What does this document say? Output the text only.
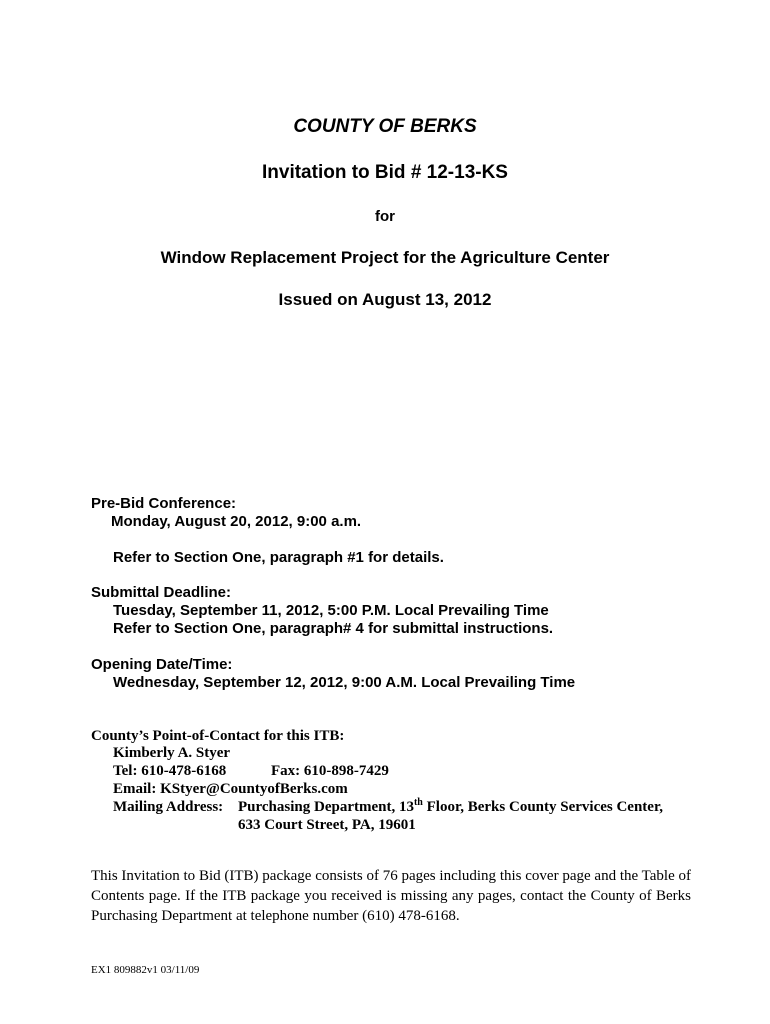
COUNTY OF BERKS
Invitation to Bid # 12-13-KS
for
Window Replacement Project for the Agriculture Center
Issued on August 13, 2012
Pre-Bid Conference:
Monday, August 20, 2012, 9:00 a.m.
Refer to Section One, paragraph #1 for details.
Submittal Deadline:
Tuesday, September 11, 2012, 5:00 P.M. Local Prevailing Time
Refer to Section One, paragraph# 4 for submittal instructions.
Opening Date/Time:
Wednesday, September 12, 2012, 9:00 A.M. Local Prevailing Time
County’s Point-of-Contact for this ITB:
Kimberly A. Styer
Tel: 610-478-6168	Fax: 610-898-7429
Email: KStyer@CountyofBerks.com
Mailing Address: Purchasing Department, 13th Floor, Berks County Services Center,
633 Court Street, PA, 19601
This Invitation to Bid (ITB) package consists of 76 pages including this cover page and the Table of Contents page. If the ITB package you received is missing any pages, contact the County of Berks Purchasing Department at telephone number (610) 478-6168.
EX1 809882v1 03/11/09
